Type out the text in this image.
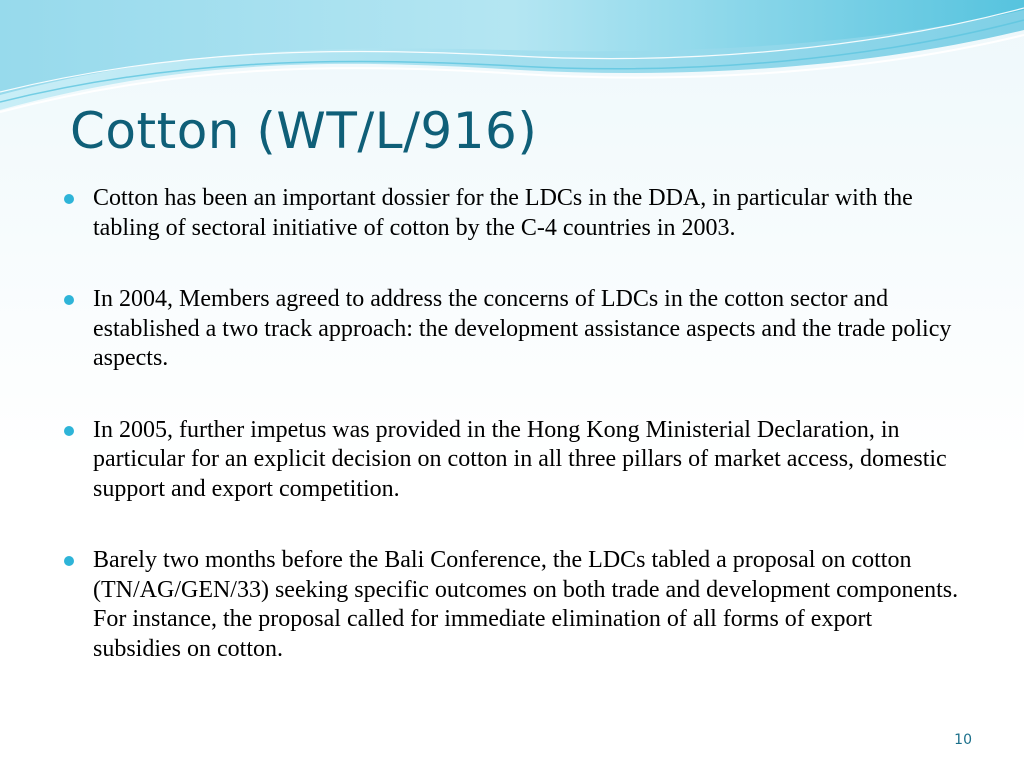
Cotton (WT/L/916)
Cotton has been an important dossier for the LDCs in the DDA, in particular with the tabling of sectoral initiative of cotton by the C-4 countries in 2003.
In 2004, Members agreed to address the concerns of LDCs in the cotton sector and established a two track approach: the development assistance aspects and the trade policy aspects.
In 2005, further impetus was provided in the Hong Kong Ministerial Declaration, in particular for an explicit decision on cotton in all three pillars of market access, domestic support and export competition.
Barely two months before the Bali Conference, the LDCs tabled a proposal on cotton (TN/AG/GEN/33) seeking specific outcomes on both trade and development components. For instance, the proposal called for immediate elimination of all forms of export subsidies on cotton.
10
